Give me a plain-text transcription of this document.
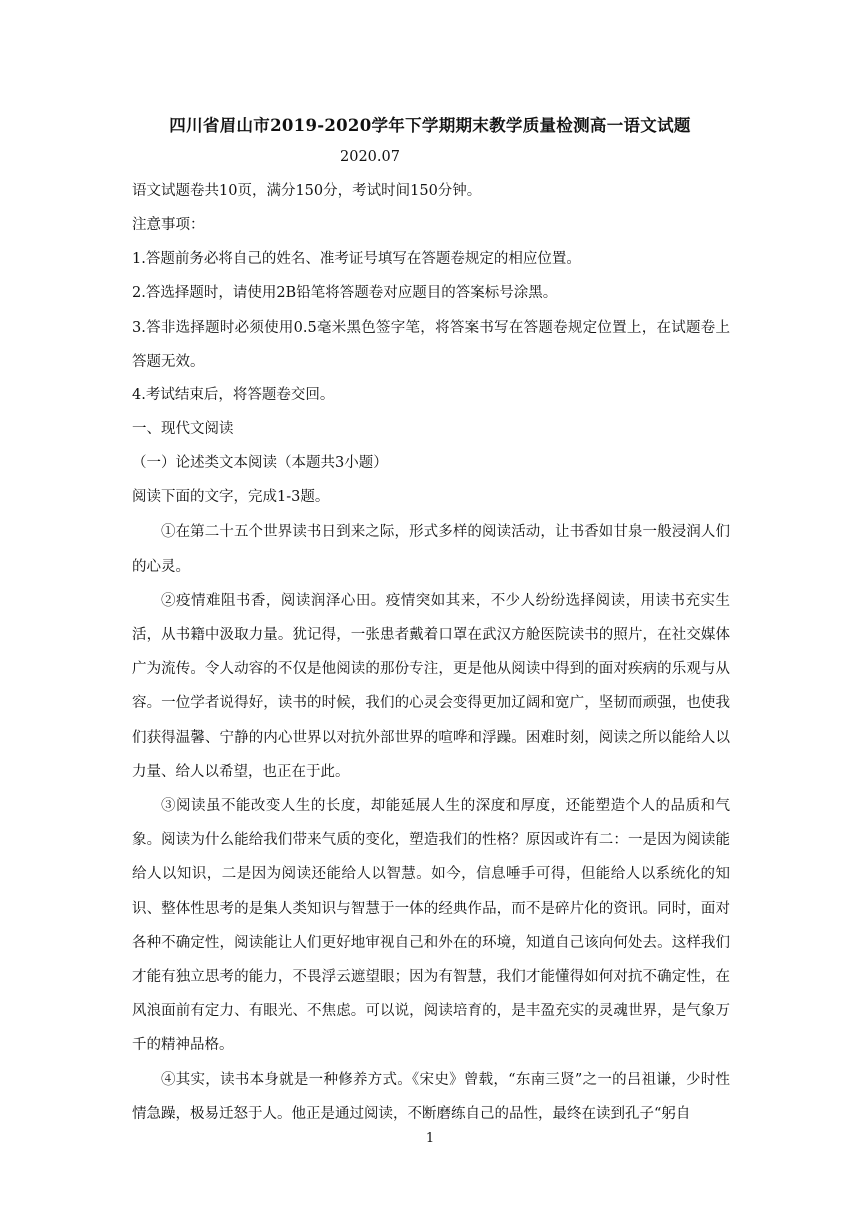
四川省眉山市2019-2020学年下学期期末教学质量检测高一语文试题
2020.07
语文试题卷共10页，满分150分，考试时间150分钟。
注意事项：
1.答题前务必将自己的姓名、准考证号填写在答题卷规定的相应位置。
2.答选择题时，请使用2B铅笔将答题卷对应题目的答案标号涂黑。

3.答非选择题时必须使用0.5毫米黑色签字笔，将答案书写在答题卷规定位置上，在试题卷上答题无效。

4.考试结束后，将答题卷交回。
一、现代文阅读
（一）论述类文本阅读（本题共3小题）
阅读下面的文字，完成1-3题。

①在第二十五个世界读书日到来之际，形式多样的阅读活动，让书香如甘泉一般浸润人们的心灵。

②疫情难阻书香，阅读润泽心田。疫情突如其来，不少人纷纷选择阅读，用读书充实生活，从书籍中汲取力量。犹记得，一张患者戴着口罩在武汉方舱医院读书的照片，在社交媒体广为流传。令人动容的不仅是他阅读的那份专注，更是他从阅读中得到的面对疾病的乐观与从容。一位学者说得好，读书的时候，我们的心灵会变得更加辽阔和宽广，坚韧而顽强，也使我们获得温馨、宁静的内心世界以对抗外部世界的喧哗和浮躁。困难时刻，阅读之所以能给人以力量、给人以希望，也正在于此。

③阅读虽不能改变人生的长度，却能延展人生的深度和厚度，还能塑造个人的品质和气象。阅读为什么能给我们带来气质的变化，塑造我们的性格？原因或许有二：一是因为阅读能给人以知识，二是因为阅读还能给人以智慧。如今，信息唾手可得，但能给人以系统化的知识、整体性思考的是集人类知识与智慧于一体的经典作品，而不是碎片化的资讯。同时，面对各种不确定性，阅读能让人们更好地审视自己和外在的环境，知道自己该向何处去。这样我们才能有独立思考的能力，不畏浮云遮望眼；因为有智慧，我们才能懂得如何对抗不确定性，在风浪面前有定力、有眼光、不焦虑。可以说，阅读培育的，是丰盈充实的灵魂世界，是气象万千的精神品格。

④其实，读书本身就是一种修养方式。《宋史》曾载，“东南三贤”之一的吕祖谦，少时性情急躁，极易迁怒于人。他正是通过阅读，不断磨练自己的品性，最终在读到孔子“躬自

1
